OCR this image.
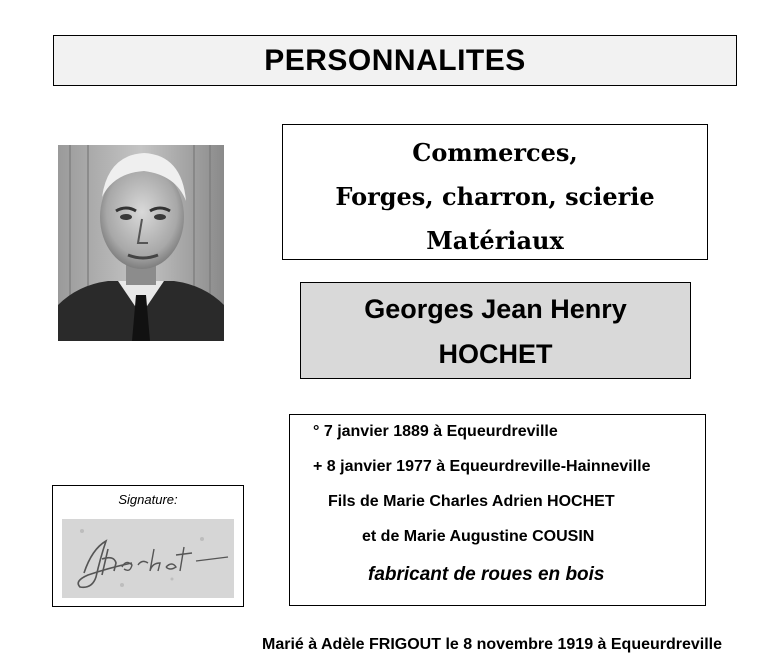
PERSONNALITES
Commerces,
Forges, charron, scierie
Matériaux
Georges Jean Henry
HOCHET
° 7 janvier 1889 à Equeurdreville
+ 8 janvier 1977 à Equeurdreville-Hainneville
Fils de Marie Charles Adrien HOCHET
et de Marie Augustine COUSIN
fabricant de roues en bois
Signature:
Marié à Adèle FRIGOUT le 8 novembre 1919 à Equeurdreville
